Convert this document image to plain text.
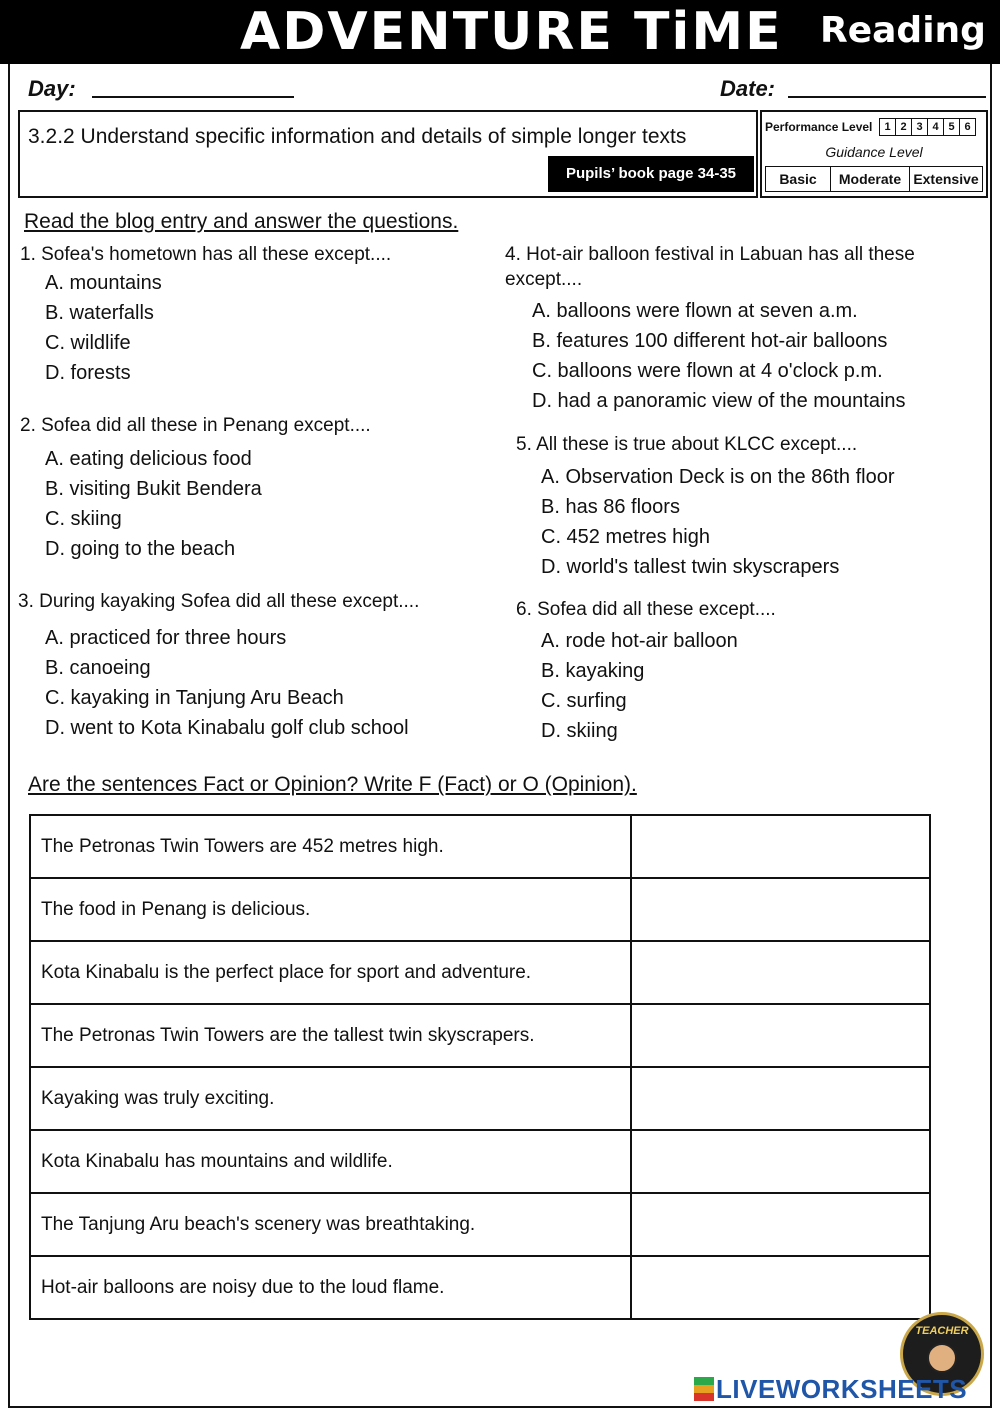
ADVENTURE TiME Reading
Day:	Date:
3.2.2 Understand specific information and details of simple longer texts
Pupils’ book page 34-35
Performance Level	1 2 3 4 5 6
Guidance Level
Basic	Moderate Extensive
Read the blog entry and answer the questions.
1. Sofea's hometown has all these except....
A. mountains
B. waterfalls
C. wildlife
D. forests
2. Sofea did all these in Penang except....
A. eating delicious food
B. visiting Bukit Bendera
C. skiing
D. going to the beach
3. During kayaking Sofea did all these except....
A. practiced for three hours
B. canoeing
C. kayaking in Tanjung Aru Beach
D. went to Kota Kinabalu golf club school
4. Hot-air balloon festival in Labuan has all these except....
A. balloons were flown at seven a.m.
B. features 100 different hot-air balloons
C. balloons were flown at 4 o'clock p.m.
D. had a panoramic view of the mountains
5. All these is true about KLCC except....
A. Observation Deck is on the 86th floor
B. has 86 floors
C. 452 metres high
D. world's tallest twin skyscrapers
6. Sofea did all these except....
A. rode hot-air balloon
B. kayaking
C. surfing
D. skiing
Are the sentences Fact or Opinion? Write F (Fact) or O (Opinion).
The Petronas Twin Towers are 452 metres high.	
The food in Penang is delicious.	
Kota Kinabalu is the perfect place for sport and adventure.	
The Petronas Twin Towers are the tallest twin skyscrapers.	
Kayaking was truly exciting.	
Kota Kinabalu has mountains and wildlife.	
The Tanjung Aru beach's scenery was breathtaking.	
Hot-air balloons are noisy due to the loud flame.	
TEACHER
LIVEWORKSHEETS
